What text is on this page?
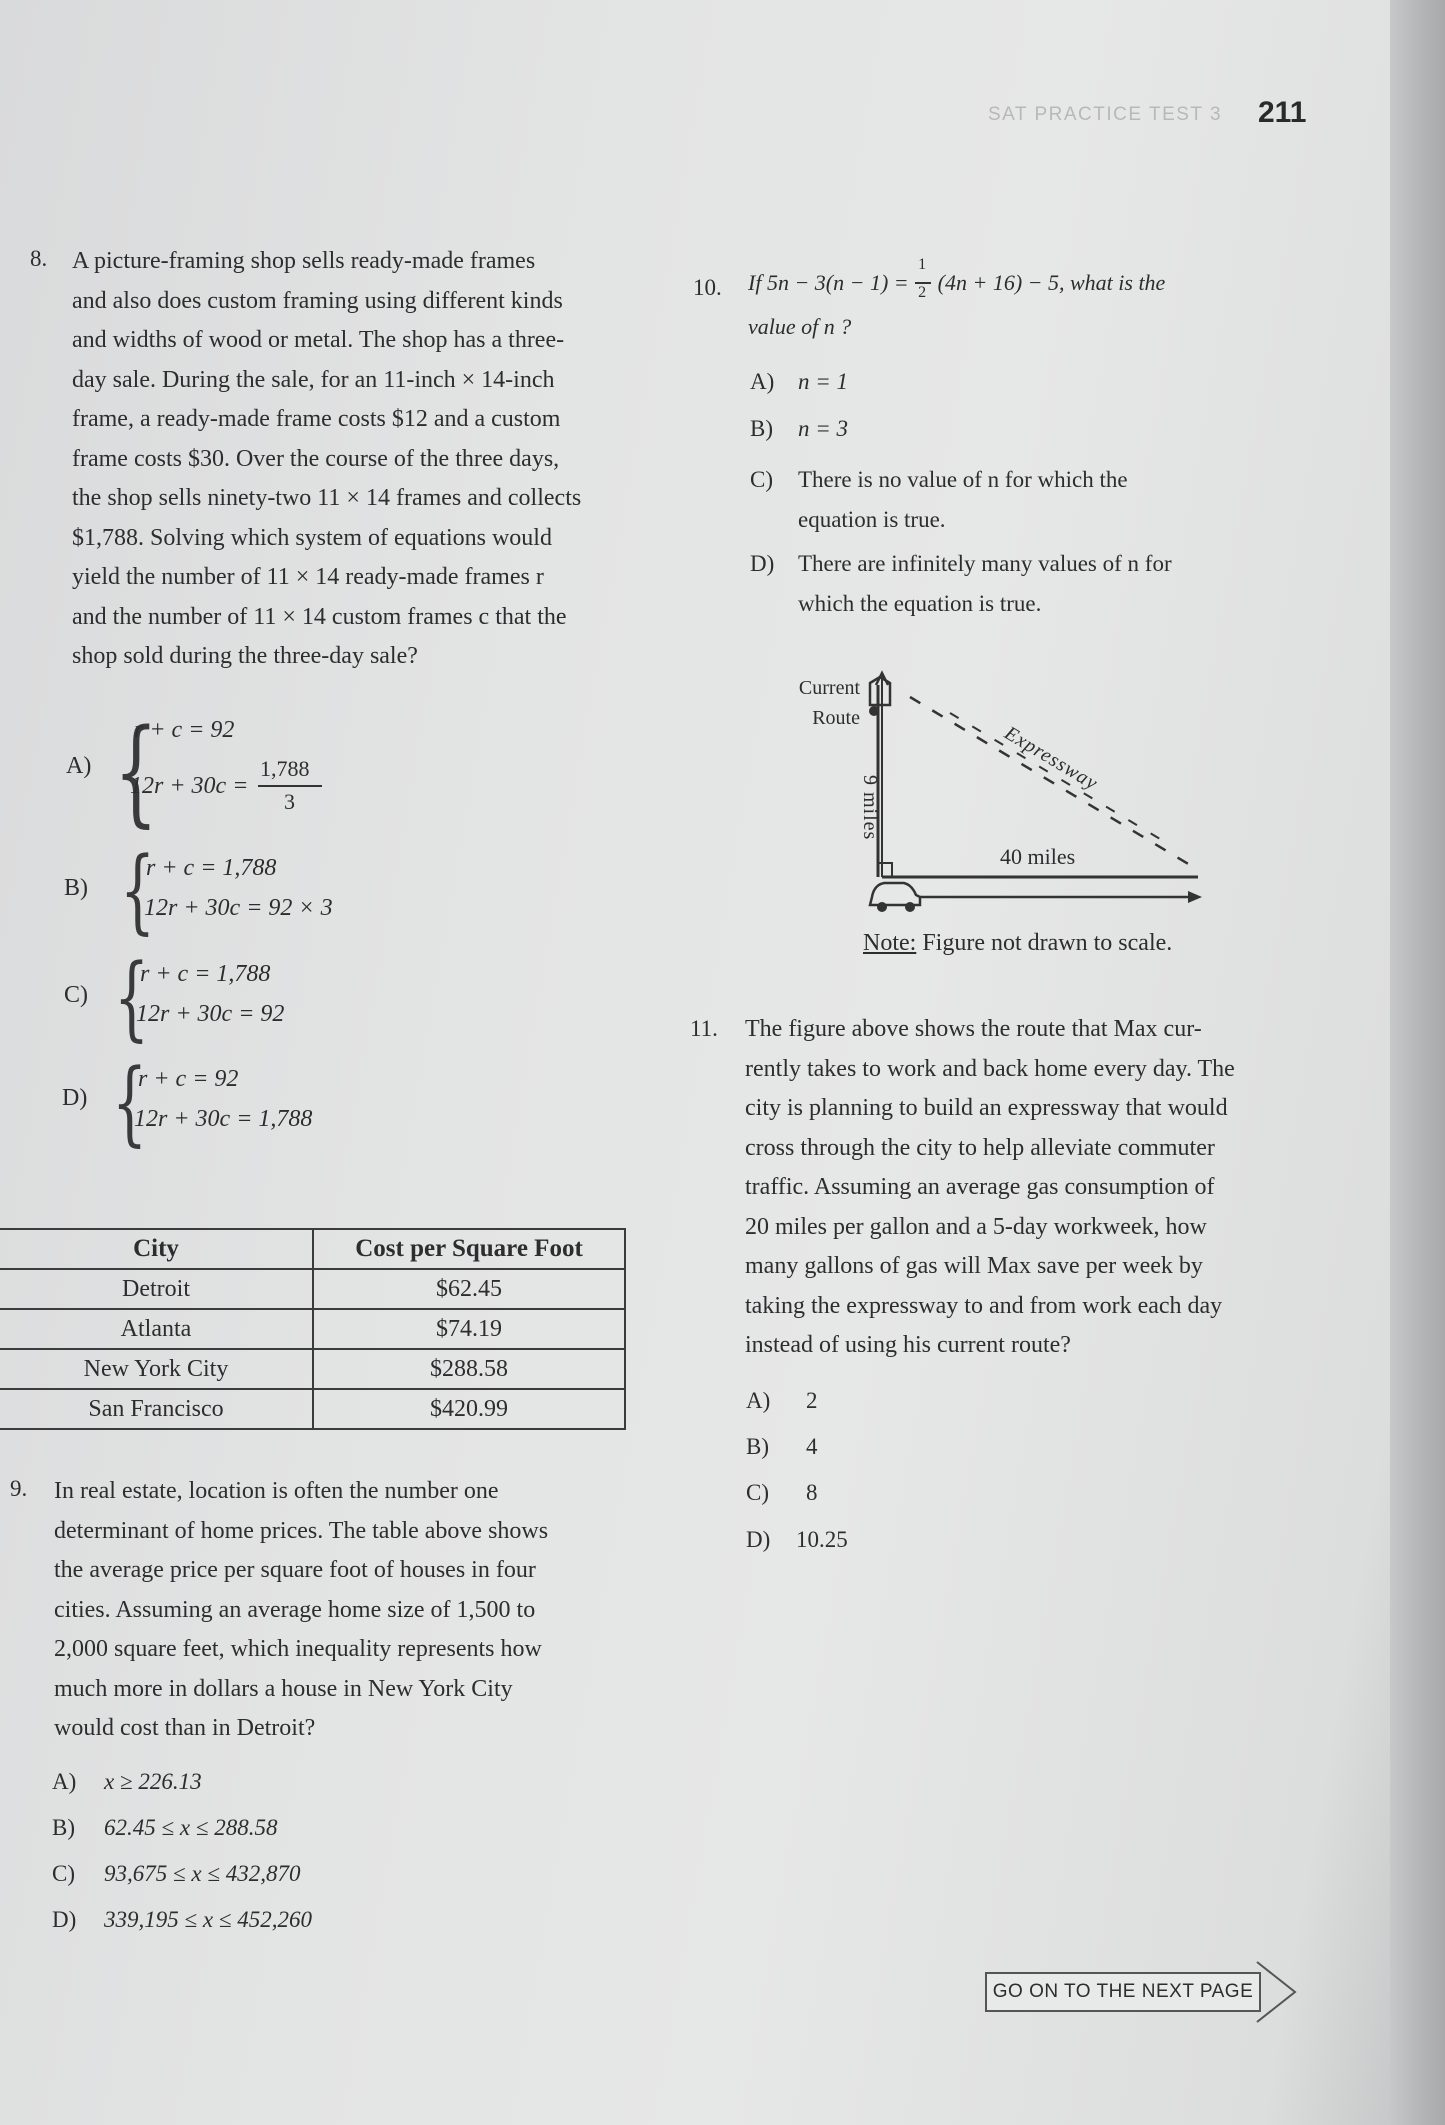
SAT PRACTICE TEST 3 211
8. A picture-framing shop sells ready-made frames
and also does custom framing using different kinds
and widths of wood or metal. The shop has a three-
day sale. During the sale, for an 11-inch × 14-inch
frame, a ready-made frame costs $12 and a custom
frame costs $30. Over the course of the three days,
the shop sells ninety-two 11 × 14 frames and collects
$1,788. Solving which system of equations would
yield the number of 11 × 14 ready-made frames r
and the number of 11 × 14 custom frames c that the
shop sold during the three-day sale?
A) {
r + c = 92
12r + 30c =
1,788
3
B) {
r + c = 1,788
12r + 30c = 92 × 3
C) {
r + c = 1,788
12r + 30c = 92
D) {
r + c = 92
12r + 30c = 1,788
City	Cost per Square Foot
Detroit	$62.45
Atlanta	$74.19
New York City	$288.58
San Francisco	$420.99
9. In real estate, location is often the number one
determinant of home prices. The table above shows
the average price per square foot of houses in four
cities. Assuming an average home size of 1,500 to
2,000 square feet, which inequality represents how
much more in dollars a house in New York City
would cost than in Detroit?
A) x ≥ 226.13
B) 62.45 ≤ x ≤ 288.58
C) 93,675 ≤ x ≤ 432,870
D) 339,195 ≤ x ≤ 452,260
10. If $5n - 3(n - 1) = \frac{1}{2} (4n + 16) - 5$, what is the
value of n ?
A) n = 1
B) n = 3
C) There is no value of n for which the
equation is true.
D) There are infinitely many values of n for
which the equation is true.
Current
Route
9 miles
40 miles
Expressway
Note: Figure not drawn to scale.
11. The figure above shows the route that Max cur-
rently takes to work and back home every day. The
city is planning to build an expressway that would
cross through the city to help alleviate commuter
traffic. Assuming an average gas consumption of
20 miles per gallon and a 5-day workweek, how
many gallons of gas will Max save per week by
taking the expressway to and from work each day
instead of using his current route?
A) 2
B) 4
C) 8
D) 10.25
GO ON TO THE NEXT PAGE
